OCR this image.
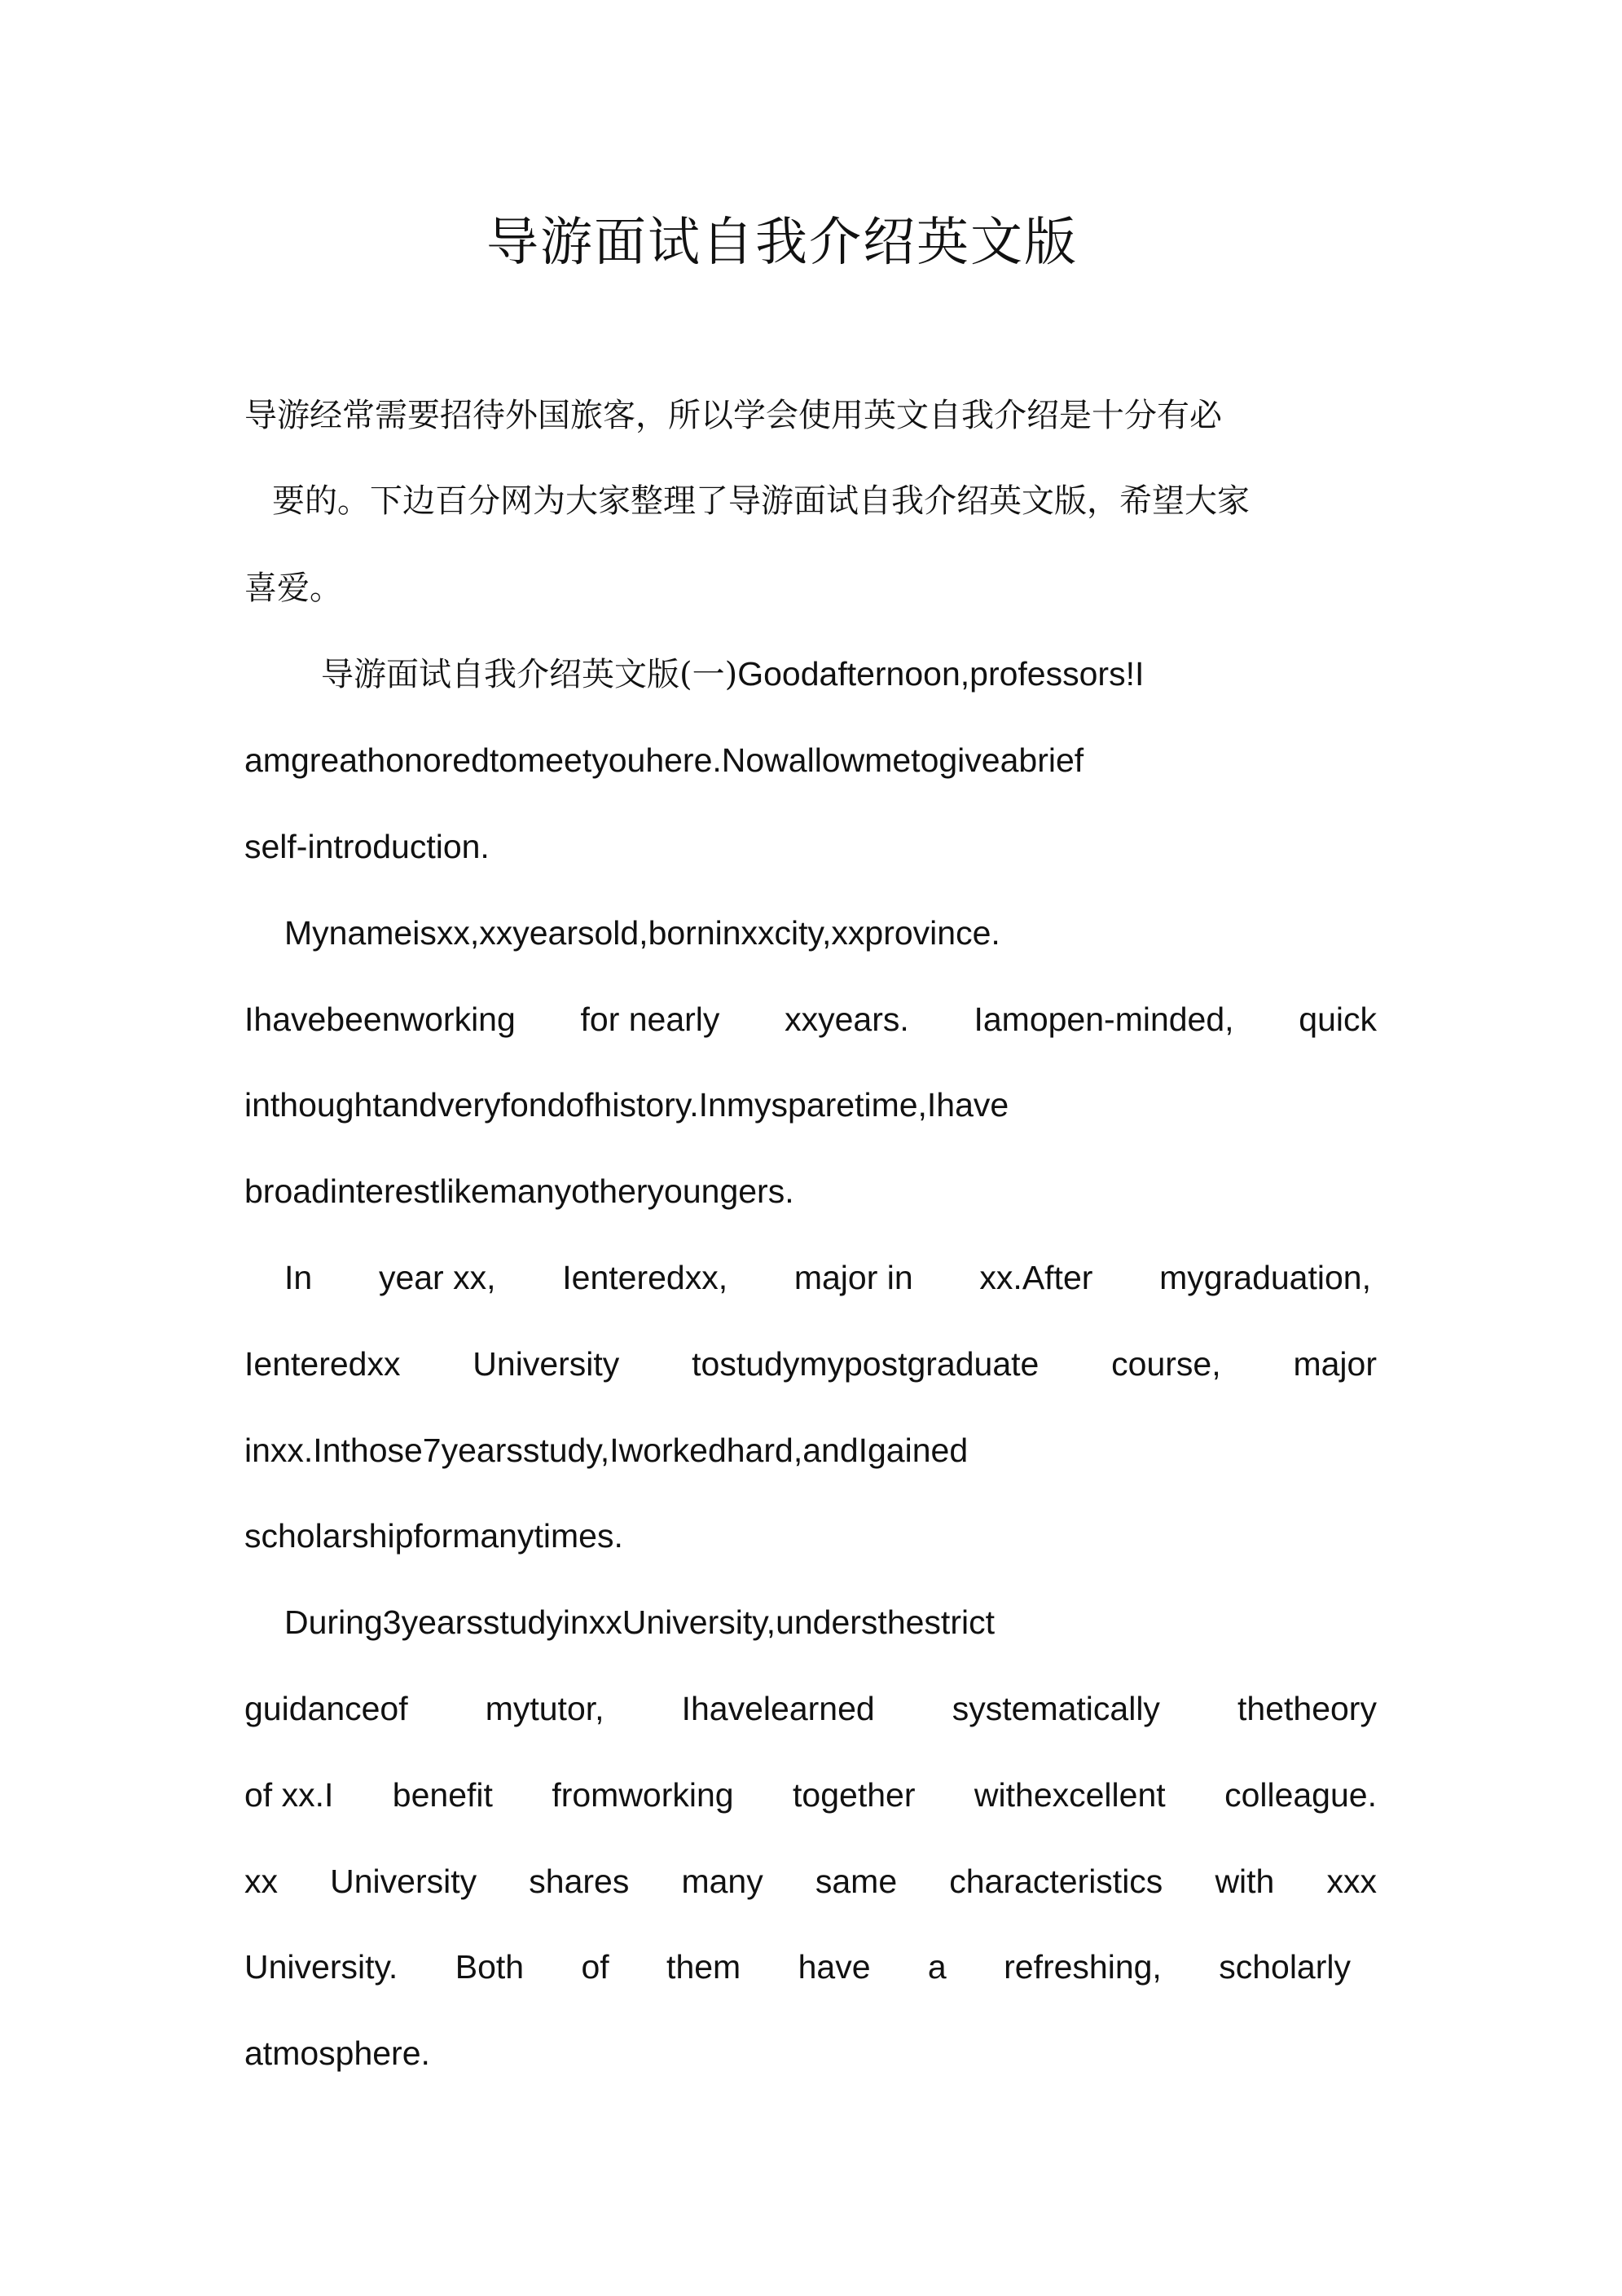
导游面试自我介绍英文版
导游经常需要招待外国旅客，所以学会使用英文自我介绍是十分有必
要的。下边百分网为大家整理了导游面试自我介绍英文版，希望大家
喜爱。
导游面试自我介绍英文版(一)Goodafternoon,professors!I
amgreathonoredtomeetyouhere.Nowallowmetogiveabrief
self-introduction.
Mynameisxx,xxyearsold,borninxxcity,xxprovince.
Ihavebeenworking for nearly xxyears. Iamopen-minded, quick
inthoughtandveryfondofhistory.Inmysparetime,Ihave
broadinterestlikemanyotheryoungers.
In year xx, Ienteredxx, major in xx.After mygraduation,
Ienteredxx University tostudymypostgraduate course, major
inxx.Inthose7yearsstudy,Iworkedhard,andIgained
scholarshipformanytimes.
During3yearsstudyinxxUniversity,understhestrict
guidanceof mytutor, Ihavelearned systematically thetheory
of xx.I benefit fromworking together withexcellent colleague.
xx University shares many same characteristics with xxx
University. Both of them have a refreshing, scholarly
atmosphere.
